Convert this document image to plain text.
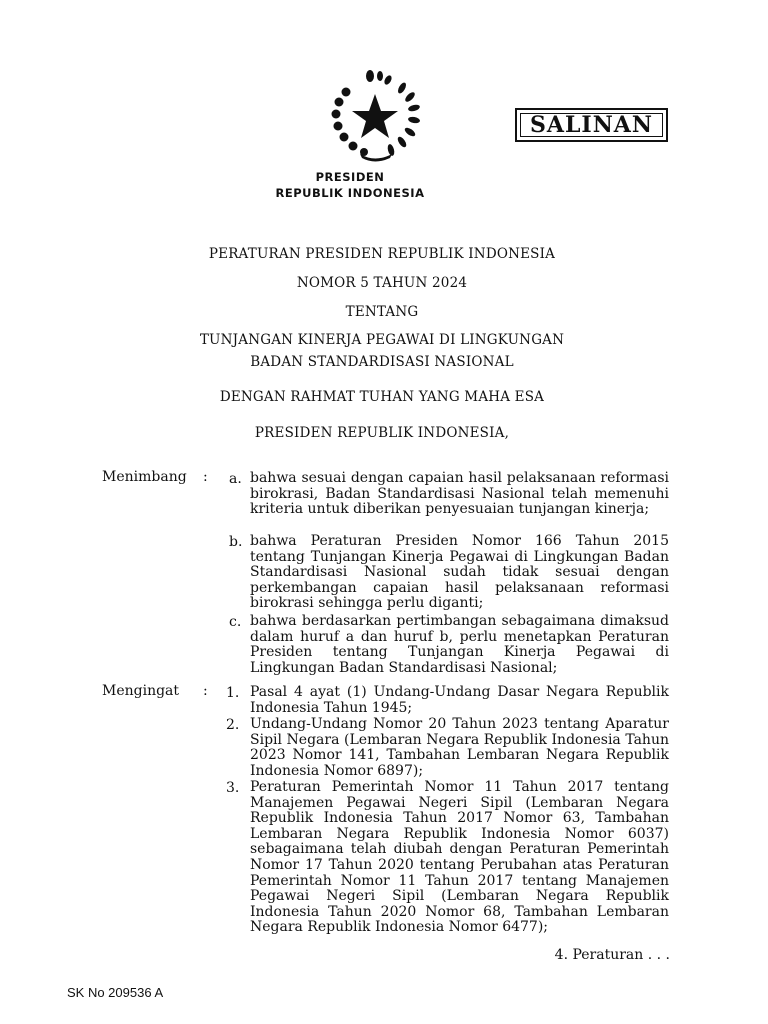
SALINAN
PRESIDEN
REPUBLIK INDONESIA
PERATURAN PRESIDEN REPUBLIK INDONESIA
NOMOR 5 TAHUN 2024
TENTANG
TUNJANGAN KINERJA PEGAWAI DI LINGKUNGAN
BADAN STANDARDISASI NASIONAL
DENGAN RAHMAT TUHAN YANG MAHA ESA
PRESIDEN REPUBLIK INDONESIA,
Menimbang : a. bahwa sesuai dengan capaian hasil pelaksanaan reformasi birokrasi, Badan Standardisasi Nasional telah memenuhi kriteria untuk diberikan penyesuaian tunjangan kinerja;
b. bahwa Peraturan Presiden Nomor 166 Tahun 2015 tentang Tunjangan Kinerja Pegawai di Lingkungan Badan Standardisasi Nasional sudah tidak sesuai dengan perkembangan capaian hasil pelaksanaan reformasi birokrasi sehingga perlu diganti;
c. bahwa berdasarkan pertimbangan sebagaimana dimaksud dalam huruf a dan huruf b, perlu menetapkan Peraturan Presiden tentang Tunjangan Kinerja Pegawai di Lingkungan Badan Standardisasi Nasional;
Mengingat : 1. Pasal 4 ayat (1) Undang-Undang Dasar Negara Republik Indonesia Tahun 1945;
2. Undang-Undang Nomor 20 Tahun 2023 tentang Aparatur Sipil Negara (Lembaran Negara Republik Indonesia Tahun 2023 Nomor 141, Tambahan Lembaran Negara Republik Indonesia Nomor 6897);
3. Peraturan Pemerintah Nomor 11 Tahun 2017 tentang Manajemen Pegawai Negeri Sipil (Lembaran Negara Republik Indonesia Tahun 2017 Nomor 63, Tambahan Lembaran Negara Republik Indonesia Nomor 6037) sebagaimana telah diubah dengan Peraturan Pemerintah Nomor 17 Tahun 2020 tentang Perubahan atas Peraturan Pemerintah Nomor 11 Tahun 2017 tentang Manajemen Pegawai Negeri Sipil (Lembaran Negara Republik Indonesia Tahun 2020 Nomor 68, Tambahan Lembaran Negara Republik Indonesia Nomor 6477);
4. Peraturan . . .
SK No 209536 A
